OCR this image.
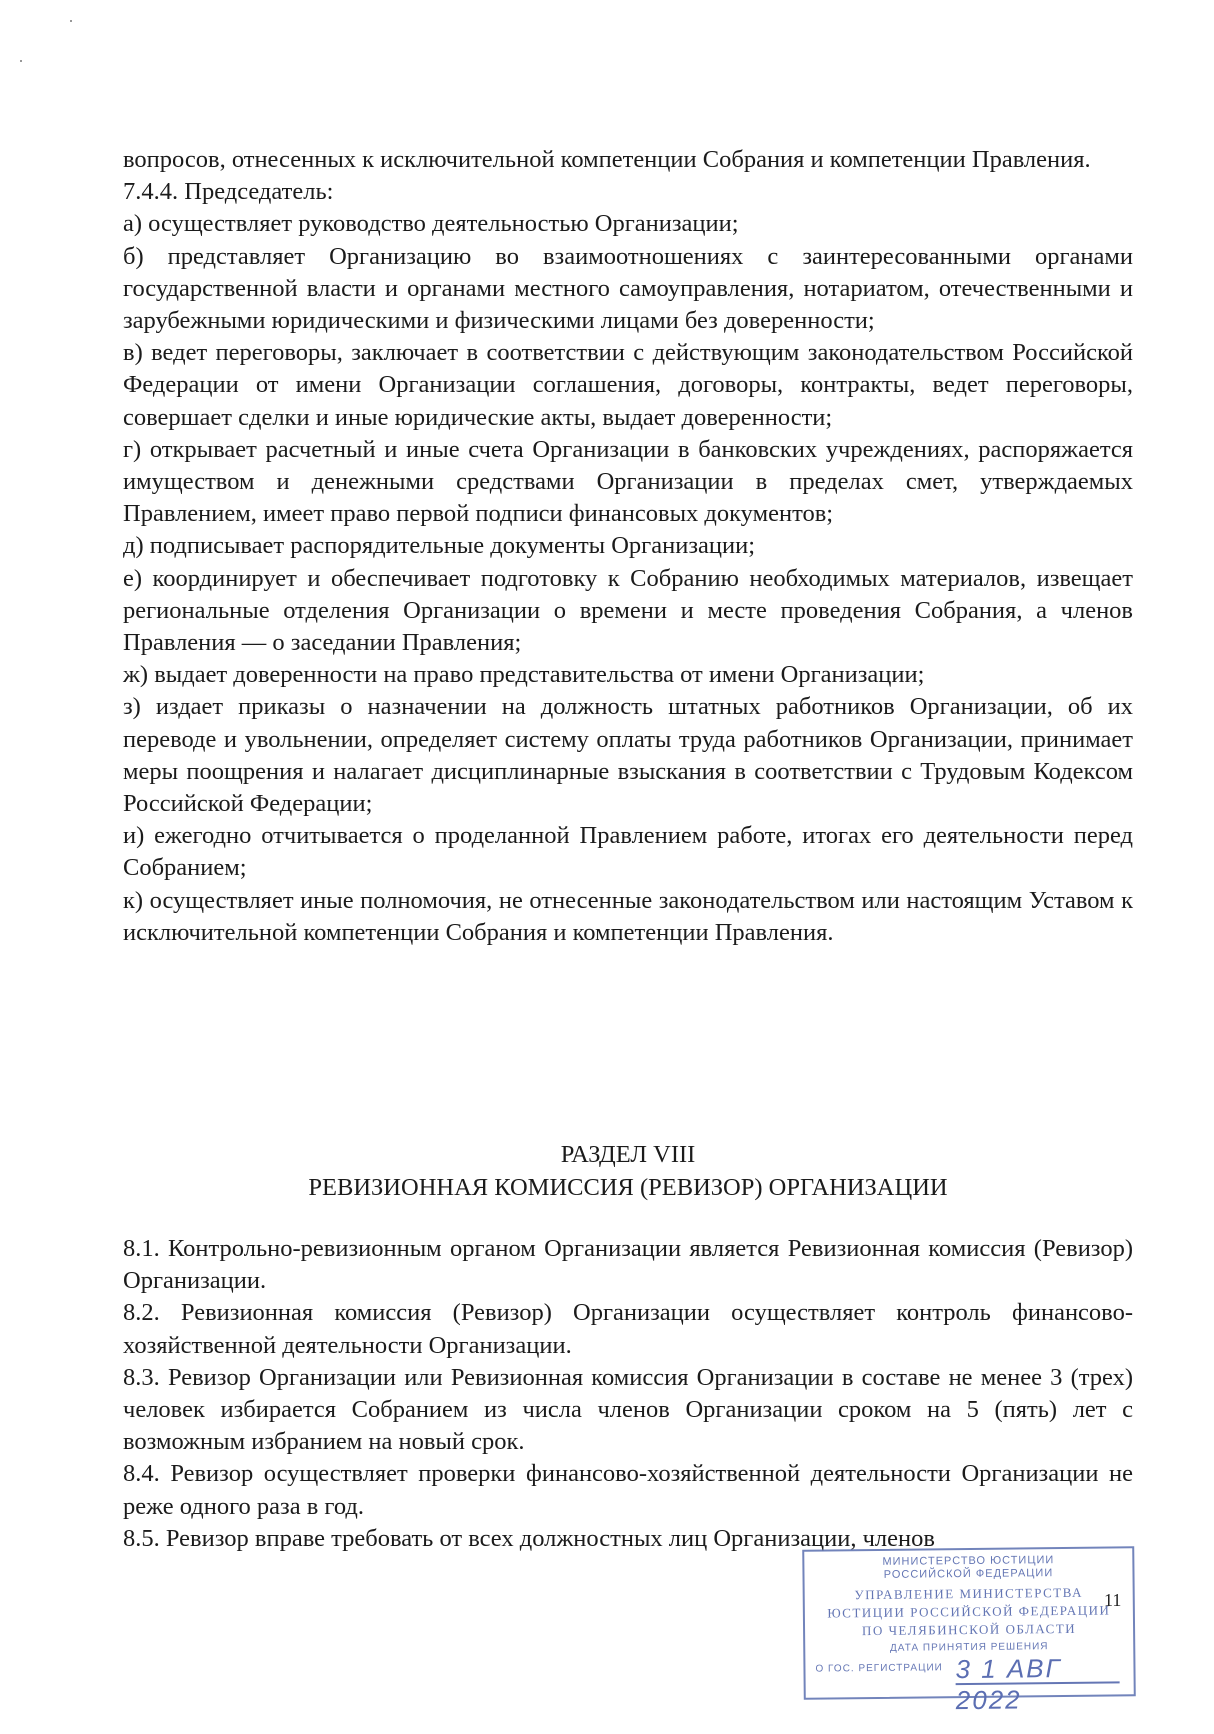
вопросов, отнесенных к исключительной компетенции Собрания и компетенции Правления.

7.4.4. Председатель:

а) осуществляет руководство деятельностью Организации;

б) представляет Организацию во взаимоотношениях с заинтересованными органами государственной власти и органами местного самоуправления, нотариатом, отечественными и зарубежными юридическими и физическими лицами без доверенности;

в) ведет переговоры, заключает в соответствии с действующим законодательством Российской Федерации от имени Организации соглашения, договоры, контракты, ведет переговоры, совершает сделки и иные юридические акты, выдает доверенности;

г) открывает расчетный и иные счета Организации в банковских учреждениях, распоряжается имуществом и денежными средствами Организации в пределах смет, утверждаемых Правлением, имеет право первой подписи финансовых документов;

д) подписывает распорядительные документы Организации;

е) координирует и обеспечивает подготовку к Собранию необходимых материалов, извещает региональные отделения Организации о времени и месте проведения Собрания, а членов Правления — о заседании Правления;

ж) выдает доверенности на право представительства от имени Организации;

з) издает приказы о назначении на должность штатных работников Организации, об их переводе и увольнении, определяет систему оплаты труда работников Организации, принимает меры поощрения и налагает дисциплинарные взыскания в соответствии с Трудовым Кодексом Российской Федерации;

и) ежегодно отчитывается о проделанной Правлением работе, итогах его деятельности перед Собранием;

к) осуществляет иные полномочия, не отнесенные законодательством или настоящим Уставом к исключительной компетенции Собрания и компетенции Правления.

РАЗДЕЛ VIII
РЕВИЗИОННАЯ КОМИССИЯ (РЕВИЗОР) ОРГАНИЗАЦИИ

8.1. Контрольно-ревизионным органом Организации является Ревизионная комиссия (Ревизор) Организации.

8.2. Ревизионная комиссия (Ревизор) Организации осуществляет контроль финансово-хозяйственной деятельности Организации.

8.3. Ревизор Организации или Ревизионная комиссия Организации в составе не менее 3 (трех) человек избирается Собранием из числа членов Организации сроком на 5 (пять) лет с возможным избранием на новый срок.

8.4. Ревизор осуществляет проверки финансово-хозяйственной деятельности Организации не реже одного раза в год.

8.5. Ревизор вправе требовать от всех должностных лиц Организации, членов

МИНИСТЕРСТВО ЮСТИЦИИ
РОССИЙСКОЙ ФЕДЕРАЦИИ
УПРАВЛЕНИЕ МИНИСТЕРСТВА
ЮСТИЦИИ РОССИЙСКОЙ ФЕДЕРАЦИИ
ПО ЧЕЛЯБИНСКОЙ ОБЛАСТИ
ДАТА ПРИНЯТИЯ РЕШЕНИЯ
О ГОС. РЕГИСТРАЦИИ 3 1 АВГ 2022
11
